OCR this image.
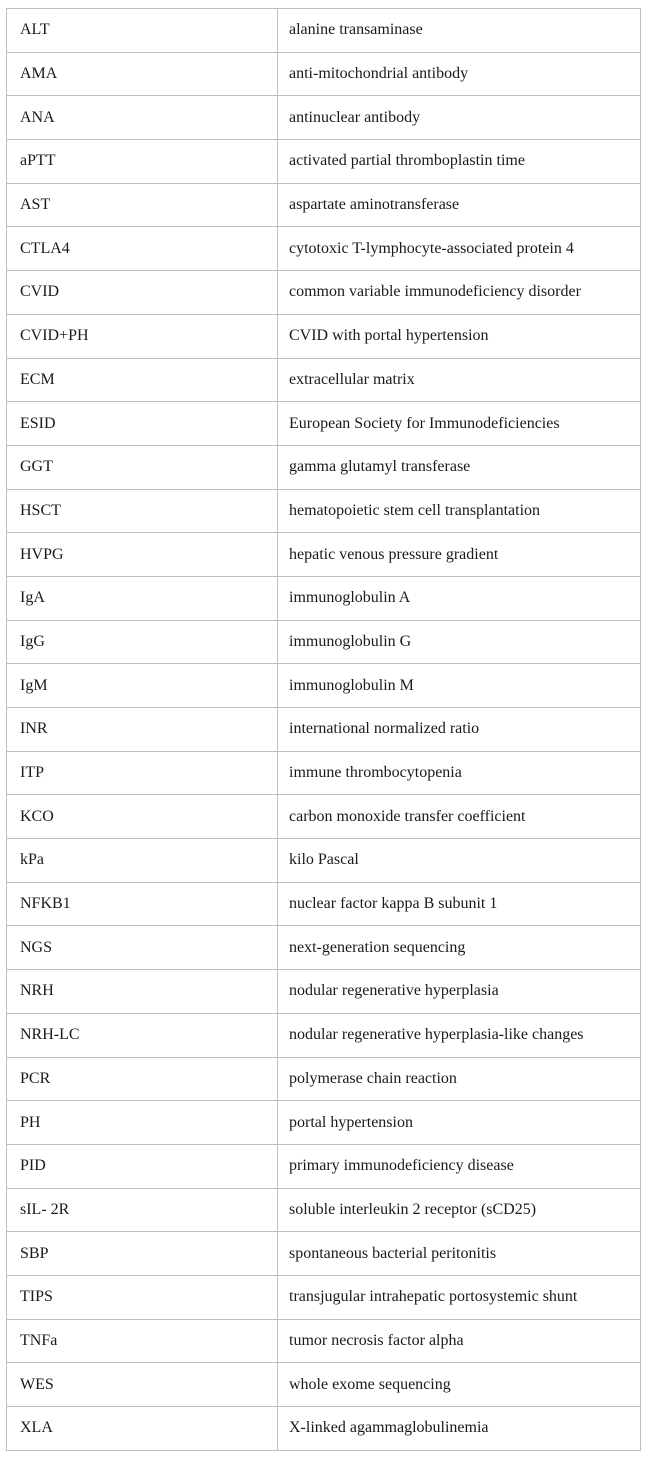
ALT	alanine transaminase
AMA	anti-mitochondrial antibody
ANA	antinuclear antibody
aPTT	activated partial thromboplastin time
AST	aspartate aminotransferase
CTLA4	cytotoxic T-lymphocyte-associated protein 4
CVID	common variable immunodeficiency disorder
CVID+PH	CVID with portal hypertension
ECM	extracellular matrix
ESID	European Society for Immunodeficiencies
GGT	gamma glutamyl transferase
HSCT	hematopoietic stem cell transplantation
HVPG	hepatic venous pressure gradient
IgA	immunoglobulin A
IgG	immunoglobulin G
IgM	immunoglobulin M
INR	international normalized ratio
ITP	immune thrombocytopenia
KCO	carbon monoxide transfer coefficient
kPa	kilo Pascal
NFKB1	nuclear factor kappa B subunit 1
NGS	next-generation sequencing
NRH	nodular regenerative hyperplasia
NRH-LC	nodular regenerative hyperplasia-like changes
PCR	polymerase chain reaction
PH	portal hypertension
PID	primary immunodeficiency disease
sIL- 2R	soluble interleukin 2 receptor (sCD25)
SBP	spontaneous bacterial peritonitis
TIPS	transjugular intrahepatic portosystemic shunt
TNFa	tumor necrosis factor alpha
WES	whole exome sequencing
XLA	X-linked agammaglobulinemia
